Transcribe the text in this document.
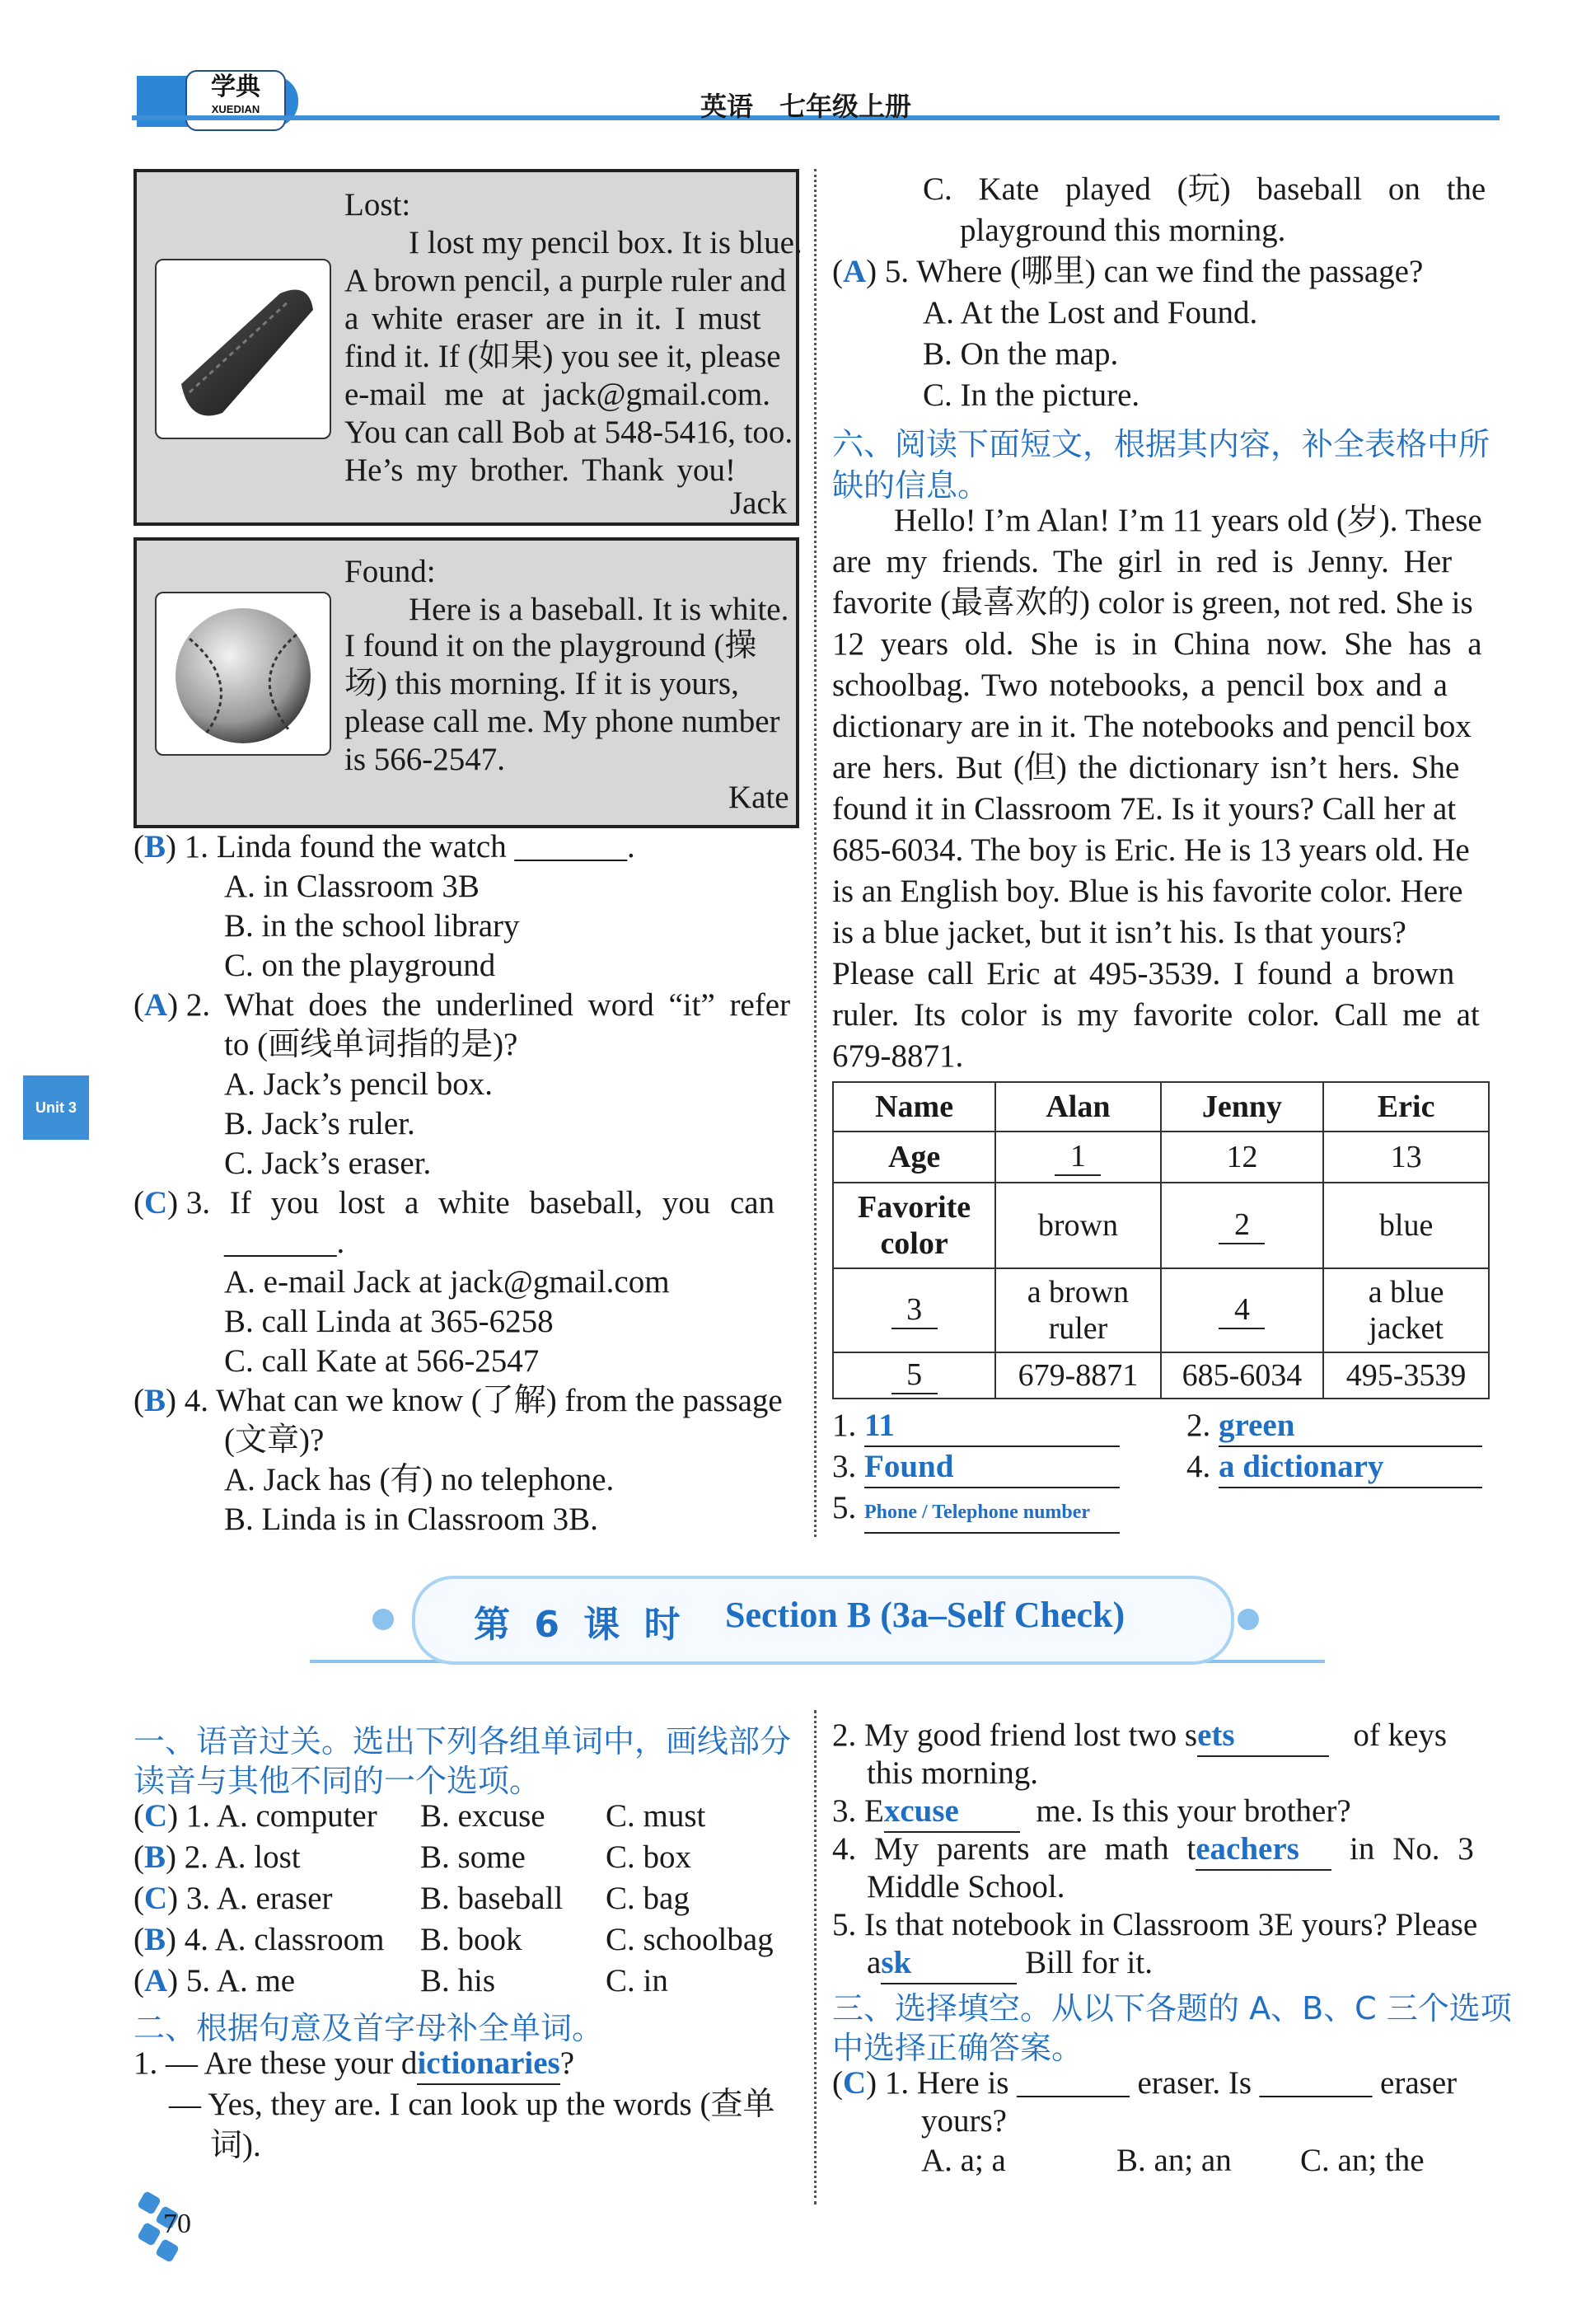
学典
XUEDIAN	英语　七年级上册
Unit 3
Lost:
I lost my pencil box. It is blue.
A brown pencil, a purple ruler and
a white eraser are in it. I must
find it. If (如果) you see it, please
e-mail me at jack@gmail.com.
You can call Bob at 548-5416, too.
He’s my brother. Thank you!
Jack
Found:
Here is a baseball. It is white.
I found it on the playground (操
场) this morning. If it is yours,
please call me. My phone number
is 566-2547.
Kate
(B) 1. Linda found the watch _______.
A. in Classroom 3B
B. in the school library
C. on the playground
(A) 2. What does the underlined word “it” refer
to (画线单词指的是)?
A. Jack’s pencil box.
B. Jack’s ruler.
C. Jack’s eraser.
(C) 3. If you lost a white baseball, you can
_______.
A. e-mail Jack at jack@gmail.com
B. call Linda at 365-6258
C. call Kate at 566-2547
(B) 4. What can we know (了解) from the passage
(文章)?
A. Jack has (有) no telephone.
B. Linda is in Classroom 3B.
C. Kate played (玩) baseball on the
playground this morning.
(A) 5. Where (哪里) can we find the passage?
A. At the Lost and Found.
B. On the map.
C. In the picture.
六、阅读下面短文，根据其内容，补全表格中所
缺的信息。
Hello! I’m Alan! I’m 11 years old (岁). These
are my friends. The girl in red is Jenny. Her
favorite (最喜欢的) color is green, not red. She is
12 years old. She is in China now. She has a
schoolbag. Two notebooks, a pencil box and a
dictionary are in it. The notebooks and pencil box
are hers. But (但) the dictionary isn’t hers. She
found it in Classroom 7E. Is it yours? Call her at
685-6034. The boy is Eric. He is 13 years old. He
is an English boy. Blue is his favorite color. Here
is a blue jacket, but it isn’t his. Is that yours?
Please call Eric at 495-3539. I found a brown
ruler. Its color is my favorite color. Call me at
679-8871.
Name	Alan	Jenny	Eric
Age	1	12	13
Favorite color	brown	2	blue
3	a brown ruler	4	a blue jacket
5	679-8871	685-6034	495-3539
1. 11	2. green
3. Found	4. a dictionary
5. Phone / Telephone number
第 6 课 时 Section B (3a–Self Check)
一、语音过关。选出下列各组单词中，画线部分
读音与其他不同的一个选项。
(C) 1. A. computer B. excuse C. must
(B) 2. A. lost	B. some C. box
(C) 3. A. eraser	B. baseball C. bag
(B) 4. A. classroom B. book	C. schoolbag
(A) 5. A. me	B. his	C. in
二、根据句意及首字母补全单词。
1. — Are these your dictionaries?
— Yes, they are. I can look up the words (查单
词).
2. My good friend lost two sets	of keys
this morning.
3. Excuse me. Is this your brother?
4. My parents are math teachers in No. 3
Middle School.
5. Is that notebook in Classroom 3E yours? Please
ask	Bill for it.
三、选择填空。从以下各题的 A、B、C 三个选项
中选择正确答案。
(C) 1. Here is _______ eraser. Is _______ eraser
yours?
A. a; a	B. an; an C. an; the
70
